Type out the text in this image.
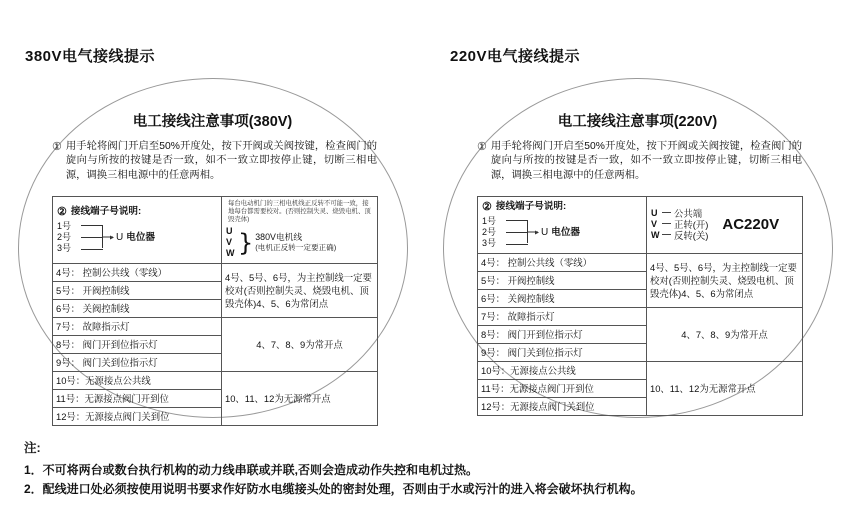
380V电气接线提示
电工接线注意事项(380V)
① 用手轮将阀门开启至50%开度处，按下开阀或关阀按键，检查阀门的旋向与所按的按键是否一致，如不一致立即按停止键，切断三相电源，调换三相电源中的任意两相。
② 接线端子号说明:
1号
2号
3号
U 电位器

每台电动机门的三相电机线正反转不可能一致，接地每台都需要校对。(否则控制失灵、烧毁电机、顶毁壳体)
U
V
W } 380V电机线
(电机正反转一定要正确)

4号： 控制公共线（零线）
5号： 开阀控制线
6号： 关阀控制线
	4号、5号、6号，为主控制线一定要校对(否则控制失灵、烧毁电机、顶毁壳体)4、5、6为常闭点

7号： 故障指示灯
8号： 阀门开到位指示灯
9号： 阀门关到位指示灯
	4、7、8、9为常开点

10号：无源接点公共线
11号：无源接点阀门开到位
12号：无源接点阀门关到位
	10、11、12为无源常开点
220V电气接线提示
电工接线注意事项(220V)
① 用手轮将阀门开启至50%开度处，按下开阀或关阀按键，检查阀门的旋向与所按的按键是否一致，如不一致立即按停止键，切断三相电源，调换三相电源中的任意两相。
② 接线端子号说明:
1号
2号
3号
U 电位器

U	公共端
V	正转(开)
W 反转(关)
AC220V

4号： 控制公共线（零线）
5号： 开阀控制线
6号： 关阀控制线
	4号、5号、6号，为主控制线一定要校对(否则控制失灵、烧毁电机、顶毁壳体)4、5、6为常闭点

7号： 故障指示灯
8号： 阀门开到位指示灯
9号： 阀门关到位指示灯
	4、7、8、9为常开点

10号：无源接点公共线
11号：无源接点阀门开到位
12号：无源接点阀门关到位
	10、11、12为无源常开点
注:
1．不可将两台或数台执行机构的动力线串联或并联,否则会造成动作失控和电机过热。
2．配线进口处必须按使用说明书要求作好防水电缆接头处的密封处理，否则由于水或污汁的进入将会破坏执行机构。
